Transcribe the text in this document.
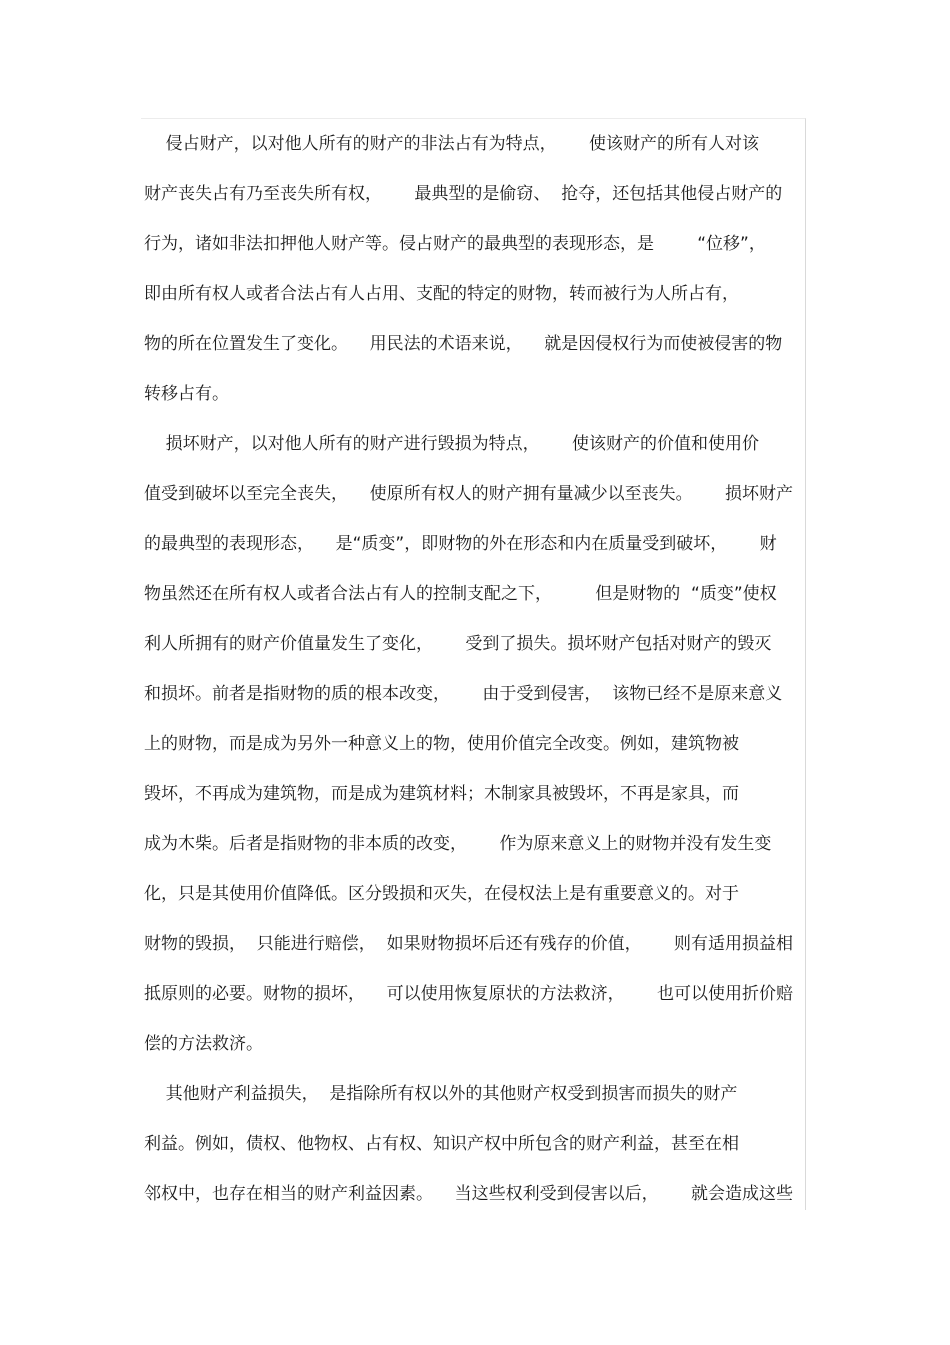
侵占财产，以对他人所有的财产的非法占有为特点，      使该财产的所有人对该
财产丧失占有乃至丧失所有权，      最典型的是偷窃、  抢夺，还包括其他侵占财产的
行为，诸如非法扣押他人财产等。侵占财产的最典型的表现形态，是        “位移”，
即由所有权人或者合法占有人占用、支配的特定的财物，转而被行为人所占有，
物的所在位置发生了变化。    用民法的术语来说，    就是因侵权行为而使被侵害的物
转移占有。
损坏财产，以对他人所有的财产进行毁损为特点，      使该财产的价值和使用价
值受到破坏以至完全丧失，    使原所有权人的财产拥有量减少以至丧失。      损坏财产
的最典型的表现形态，    是“质变”，即财物的外在形态和内在质量受到破坏，      财
物虽然还在所有权人或者合法占有人的控制支配之下，        但是财物的  “质变”使权
利人所拥有的财产价值量发生了变化，      受到了损失。损坏财产包括对财产的毁灭
和损坏。前者是指财物的质的根本改变，      由于受到侵害，  该物已经不是原来意义
上的财物，而是成为另外一种意义上的物，使用价值完全改变。例如，建筑物被
毁坏，不再成为建筑物，而是成为建筑材料；木制家具被毁坏，不再是家具，而
成为木柴。后者是指财物的非本质的改变，      作为原来意义上的财物并没有发生变
化，只是其使用价值降低。区分毁损和灭失，在侵权法上是有重要意义的。对于
财物的毁损，  只能进行赔偿，  如果财物损坏后还有残存的价值，      则有适用损益相
抵原则的必要。财物的损坏，    可以使用恢复原状的方法救济，      也可以使用折价赔
偿的方法救济。
其他财产利益损失，  是指除所有权以外的其他财产权受到损害而损失的财产
利益。例如，债权、他物权、占有权、知识产权中所包含的财产利益，甚至在相
邻权中，也存在相当的财产利益因素。    当这些权利受到侵害以后，      就会造成这些
